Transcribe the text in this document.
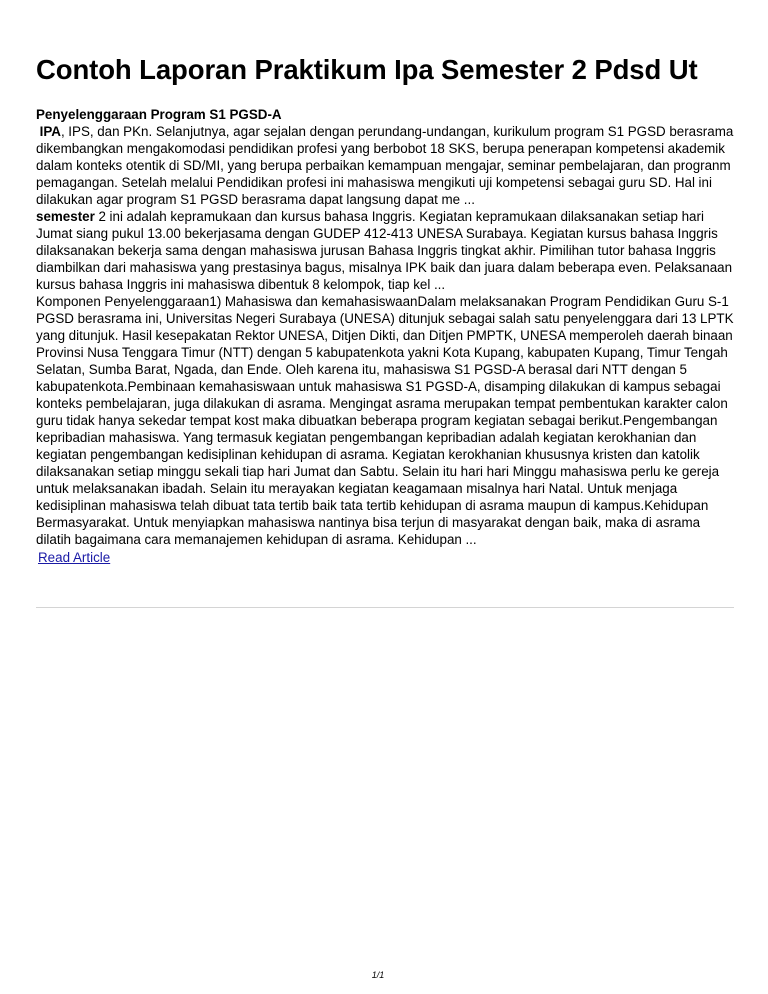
Contoh Laporan Praktikum Ipa Semester 2 Pdsd Ut
Penyelenggaraan Program S1 PGSD-A

IPA, IPS, dan PKn. Selanjutnya, agar sejalan dengan perundang-undangan, kurikulum program S1 PGSD berasrama dikembangkan mengakomodasi pendidikan profesi yang berbobot 18 SKS, berupa penerapan kompetensi akademik dalam konteks otentik di SD/MI, yang berupa perbaikan kemampuan mengajar, seminar pembelajaran, dan progranm pemagangan. Setelah melalui Pendidikan profesi ini mahasiswa mengikuti uji kompetensi sebagai guru SD. Hal ini dilakukan agar program S1 PGSD berasrama dapat langsung dapat me ...
semester 2 ini adalah kepramukaan dan kursus bahasa Inggris. Kegiatan kepramukaan dilaksanakan setiap hari Jumat siang pukul 13.00 bekerjasama dengan GUDEP 412-413 UNESA Surabaya. Kegiatan kursus bahasa Inggris dilaksanakan bekerja sama dengan mahasiswa jurusan Bahasa Inggris tingkat akhir. Pimilihan tutor bahasa Inggris diambilkan dari mahasiswa yang prestasinya bagus, misalnya IPK baik dan juara dalam beberapa even. Pelaksanaan kursus bahasa Inggris ini mahasiswa dibentuk 8 kelompok, tiap kel ...
Komponen Penyelenggaraan1) Mahasiswa dan kemahasiswaanDalam melaksanakan Program Pendidikan Guru S-1 PGSD berasrama ini, Universitas Negeri Surabaya (UNESA) ditunjuk sebagai salah satu penyelenggara dari 13 LPTK yang ditunjuk. Hasil kesepakatan Rektor UNESA, Ditjen Dikti, dan Ditjen PMPTK, UNESA memperoleh daerah binaan Provinsi Nusa Tenggara Timur (NTT) dengan 5 kabupatenkota yakni Kota Kupang, kabupaten Kupang, Timur Tengah Selatan, Sumba Barat, Ngada, dan Ende. Oleh karena itu, mahasiswa S1 PGSD-A berasal dari NTT dengan 5 kabupatenkota.Pembinaan kemahasiswaan untuk mahasiswa S1 PGSD-A, disamping dilakukan di kampus sebagai konteks pembelajaran, juga dilakukan di asrama. Mengingat asrama merupakan tempat pembentukan karakter calon guru tidak hanya sekedar tempat kost maka dibuatkan beberapa program kegiatan sebagai berikut.Pengembangan kepribadian mahasiswa. Yang termasuk kegiatan pengembangan kepribadian adalah kegiatan kerokhanian dan kegiatan pengembangan kedisiplinan kehidupan di asrama. Kegiatan kerokhanian khususnya kristen dan katolik dilaksanakan setiap minggu sekali tiap hari Jumat dan Sabtu. Selain itu hari hari Minggu mahasiswa perlu ke gereja untuk melaksanakan ibadah. Selain itu merayakan kegiatan keagamaan misalnya hari Natal. Untuk menjaga kedisiplinan mahasiswa telah dibuat tata tertib baik tata tertib kehidupan di asrama maupun di kampus.Kehidupan Bermasyarakat. Untuk menyiapkan mahasiswa nantinya bisa terjun di masyarakat dengan baik, maka di asrama dilatih bagaimana cara memanajemen kehidupan di asrama. Kehidupan ...

Read Article
1/1
